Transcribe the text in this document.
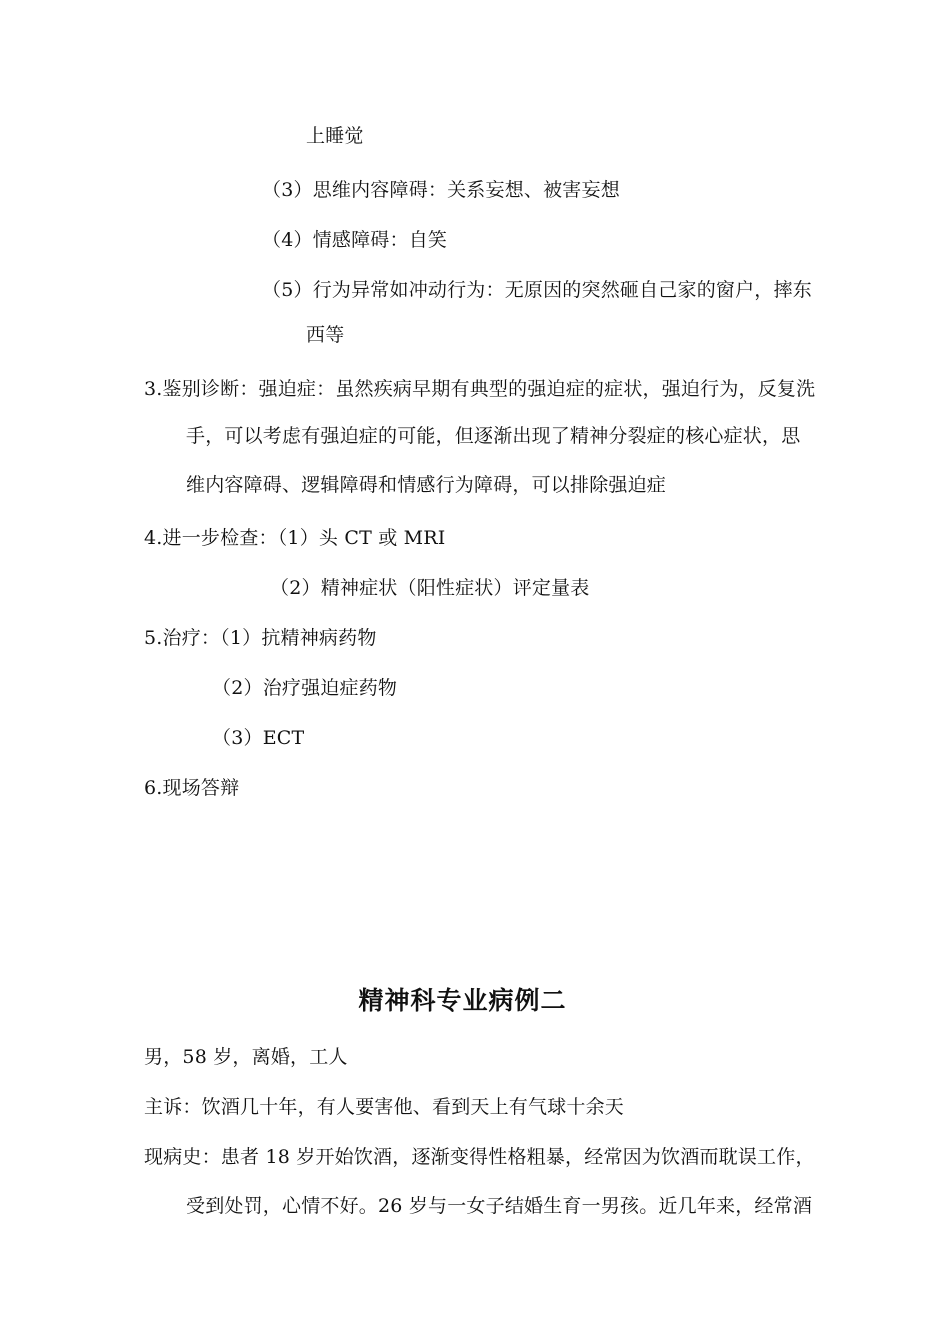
上睡觉
（3）思维内容障碍：关系妄想、被害妄想
（4）情感障碍：自笑
（5）行为异常如冲动行为：无原因的突然砸自己家的窗户，摔东
西等
3.鉴别诊断：强迫症：虽然疾病早期有典型的强迫症的症状，强迫行为，反复洗
手，可以考虑有强迫症的可能，但逐渐出现了精神分裂症的核心症状，思
维内容障碍、逻辑障碍和情感行为障碍，可以排除强迫症
4.进一步检查：（1）头 CT 或 MRI
（2）精神症状（阳性症状）评定量表
5.治疗：（1）抗精神病药物
（2）治疗强迫症药物
（3）ECT
6.现场答辩
精神科专业病例二
男，58 岁，离婚，工人
主诉：饮酒几十年，有人要害他、看到天上有气球十余天
现病史：患者 18 岁开始饮酒，逐渐变得性格粗暴，经常因为饮酒而耽误工作，
受到处罚，心情不好。26 岁与一女子结婚生育一男孩。近几年来，经常酒
